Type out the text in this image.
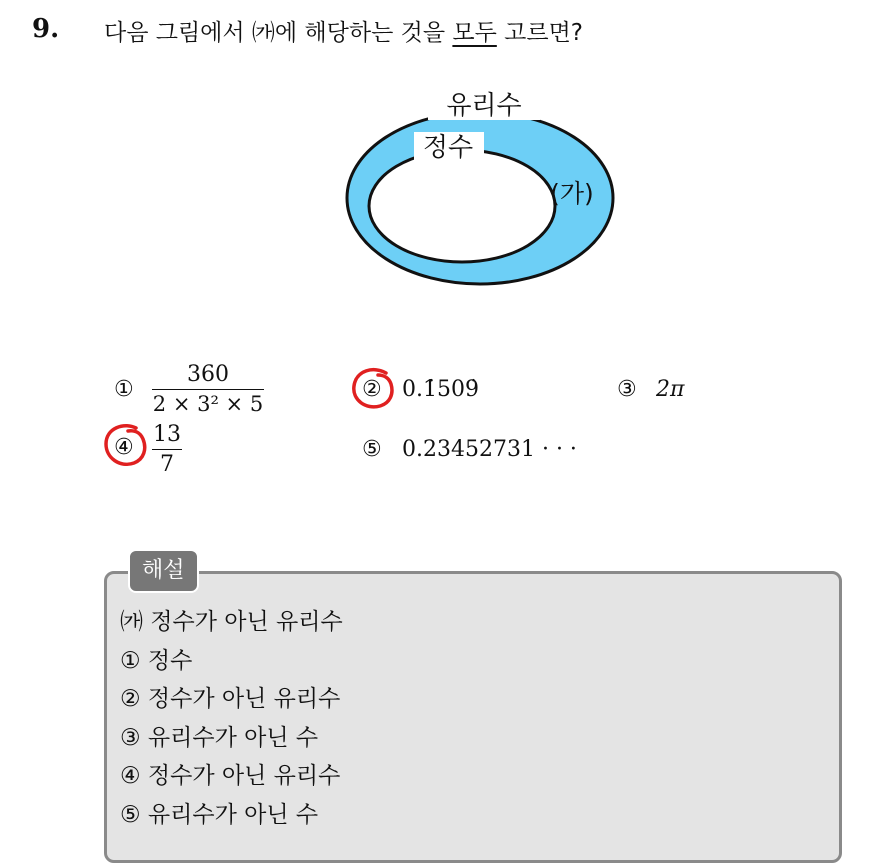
9. 다음 그림에서 ㈎에 해당하는 것을 모두 고르면?
유리수
정수
(가)
①
360
2 × 3² × 5
② 0.1̇509̇	③ 2π
④
13
7
⑤ 0.23452731 · · ·
해설
㈎ 정수가 아닌 유리수
① 정수
② 정수가 아닌 유리수
③ 유리수가 아닌 수
④ 정수가 아닌 유리수
⑤ 유리수가 아닌 수
